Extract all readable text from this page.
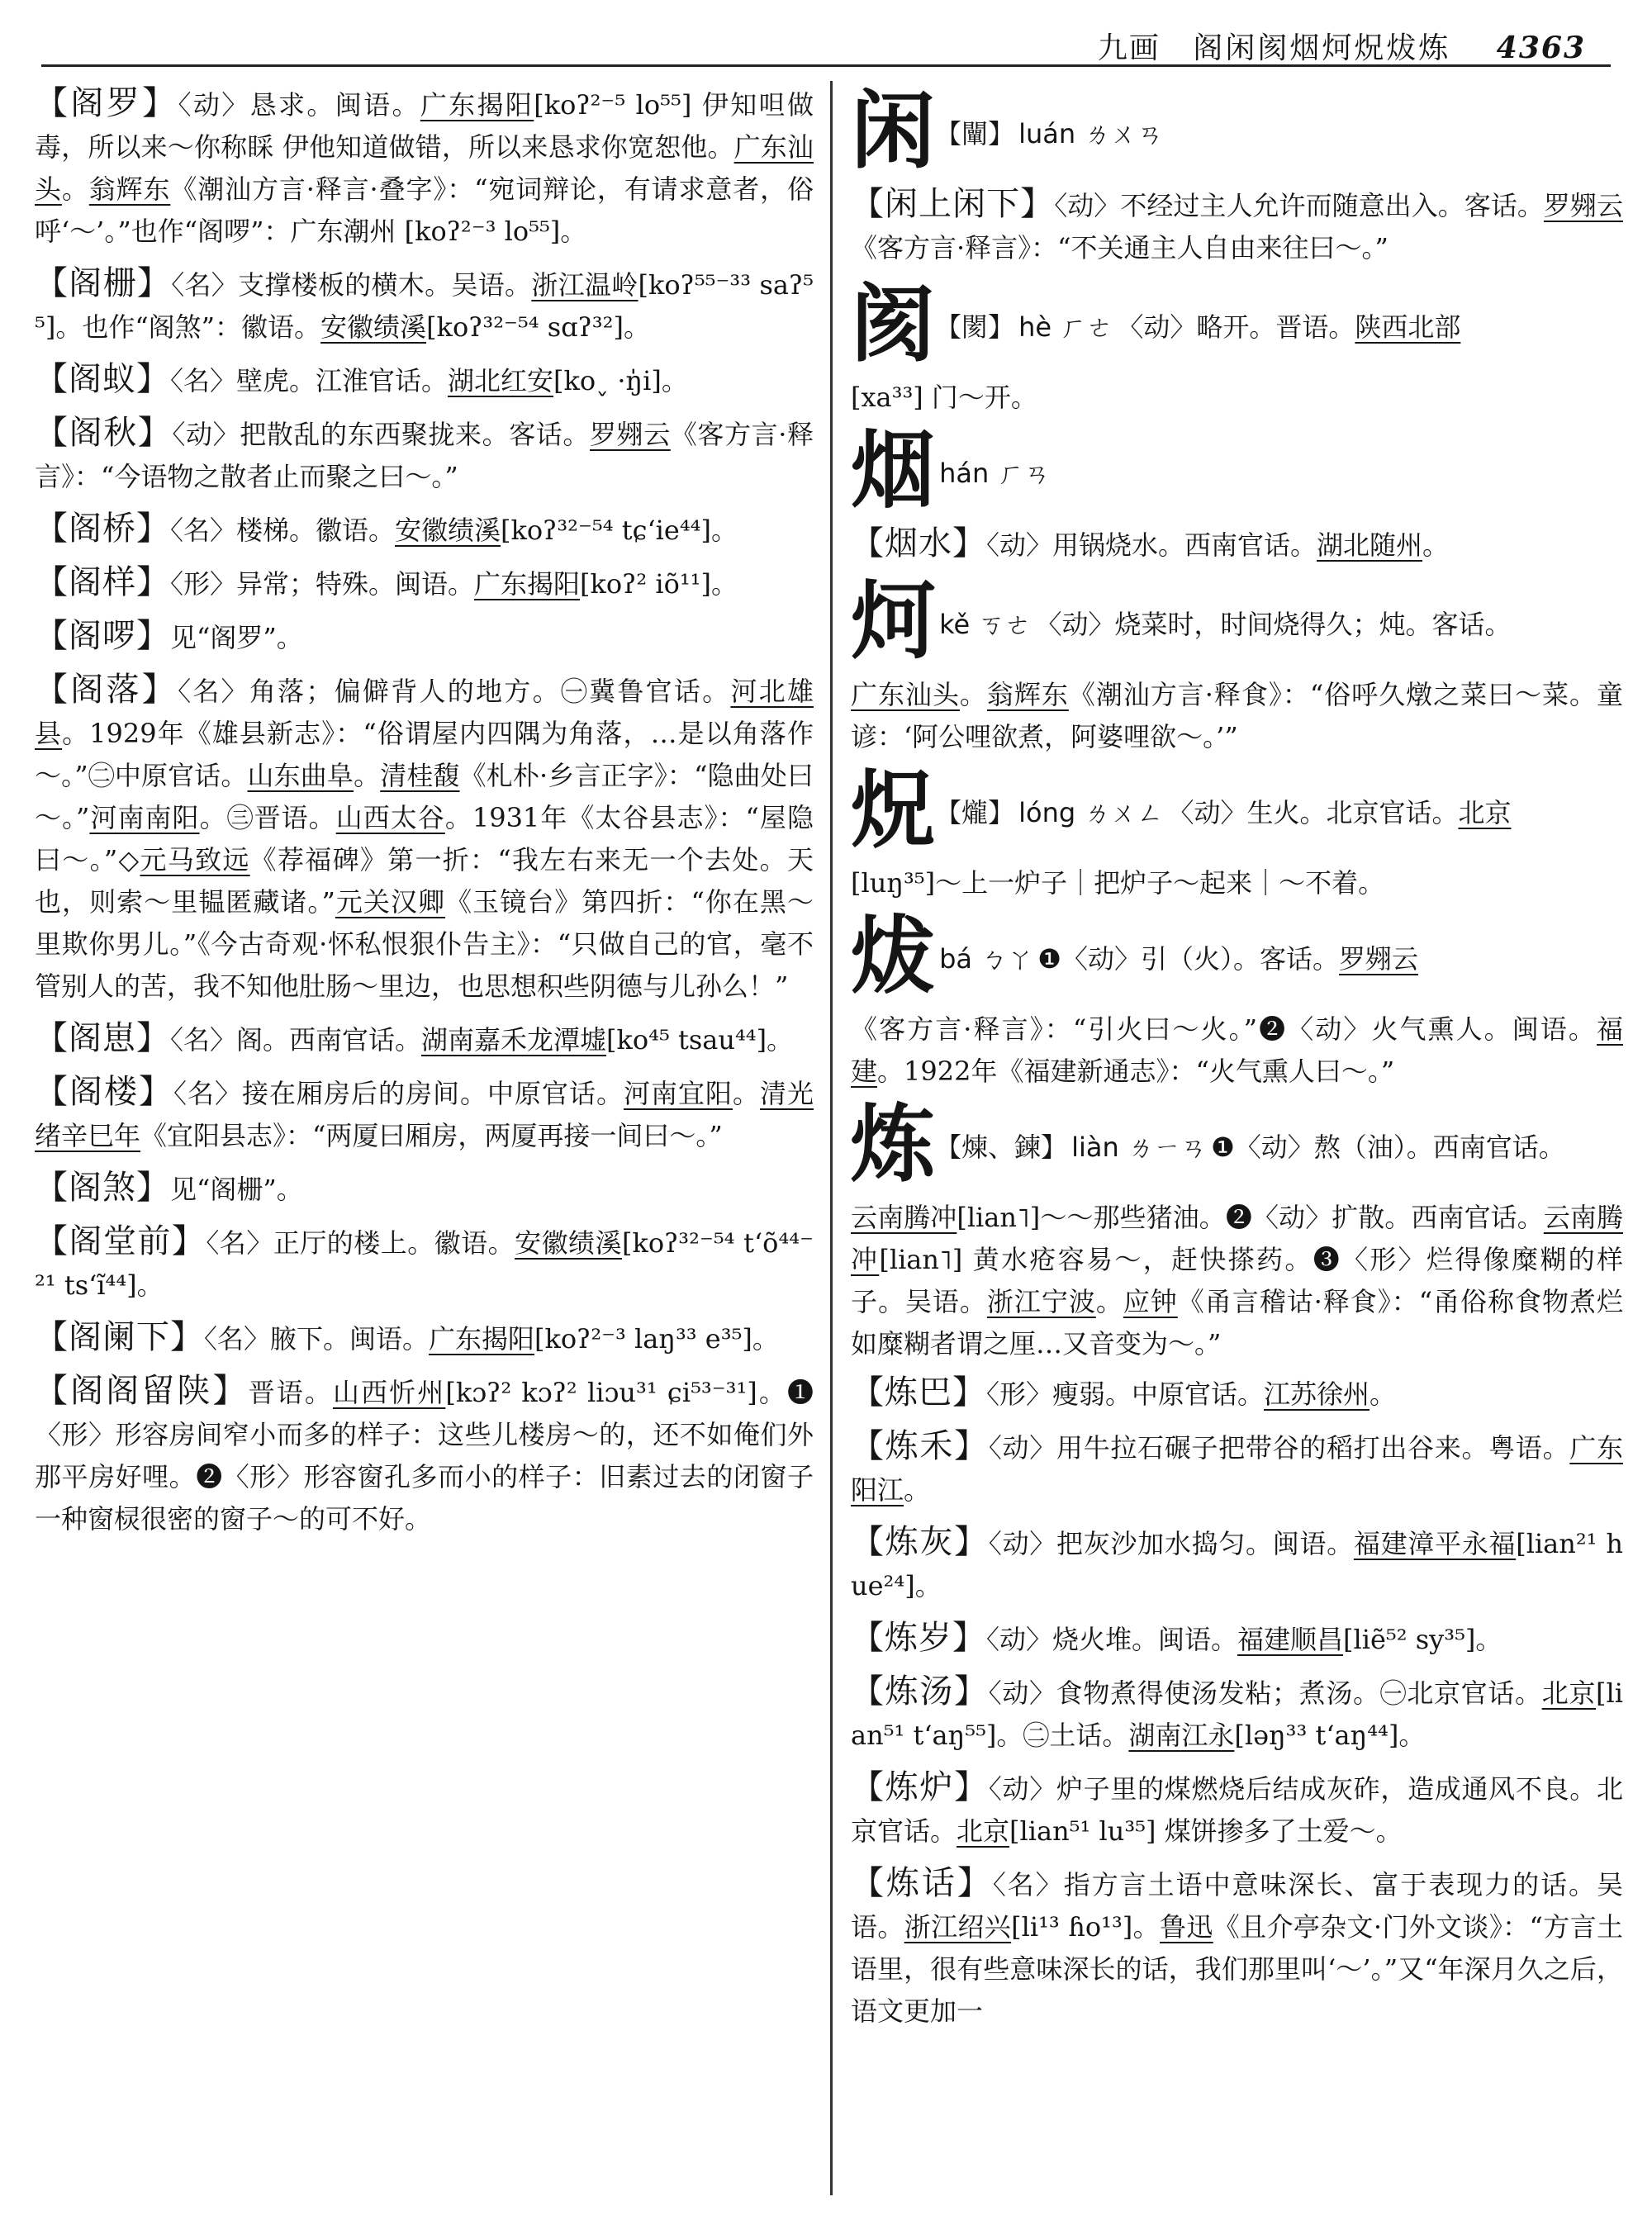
九画 阁闲阂烟炣炾炦炼 4363
【阁罗】〈动〉恳求。闽语。广东揭阳[koʔ²⁻⁵ lo⁵⁵] 伊知呾做毒，所以来～你称睬 伊他知道做错，所以来恳求你宽恕他。广东汕头。翁辉东《潮汕方言·释言·叠字》：“宛词辩论，有请求意者，俗呼‘～’。”也作“阁啰”：广东潮州 [koʔ²⁻³ lo⁵⁵]。
【阁栅】〈名〉支撑楼板的横木。吴语。浙江温岭[koʔ⁵⁵⁻³³ saʔ⁵⁵]。也作“阁煞”：徽语。安徽绩溪[koʔ³²⁻⁵⁴ sɑʔ³²]。
【阁蚁】〈名〉壁虎。江淮官话。湖北红安[ko˯ ·ŋ̍i]。
【阁秋】〈动〉把散乱的东西聚拢来。客话。罗翙云《客方言·释言》：“今语物之散者止而聚之曰～。”
【阁桥】〈名〉楼梯。徽语。安徽绩溪[koʔ³²⁻⁵⁴ tɕʻie⁴⁴]。
【阁样】〈形〉异常；特殊。闽语。广东揭阳[koʔ² iõ¹¹]。
【阁啰】见“阁罗”。
【阁落】〈名〉角落；偏僻背人的地方。㊀冀鲁官话。河北雄县。1929年《雄县新志》：“俗谓屋内四隅为角落，…是以角落作～。”㊁中原官话。山东曲阜。清桂馥《札朴·乡言正字》：“隐曲处曰～。”河南南阳。㊂晋语。山西太谷。1931年《太谷县志》：“屋隐曰～。”◇元马致远《荐福碑》第一折：“我左右来无一个去处。天也，则索～里韫匿藏诸。”元关汉卿《玉镜台》第四折：“你在黑～里欺你男儿。”《今古奇观·怀私恨狠仆告主》：“只做自己的官，毫不管别人的苦，我不知他肚肠～里边，也思想积些阴德与儿孙么！”
【阁崽】〈名〉阁。西南官话。湖南嘉禾龙潭墟[ko⁴⁵ tsau⁴⁴]。
【阁楼】〈名〉接在厢房后的房间。中原官话。河南宜阳。清光绪辛巳年《宜阳县志》：“两厦曰厢房，两厦再接一间曰～。”
【阁煞】见“阁栅”。
【阁堂前】〈名〉正厅的楼上。徽语。安徽绩溪[koʔ³²⁻⁵⁴ tʻõ⁴⁴⁻²¹ tsʻĩ⁴⁴]。
【阁阑下】〈名〉腋下。闽语。广东揭阳[koʔ²⁻³ laŋ³³ e³⁵]。
【阁阁留陕】晋语。山西忻州[kɔʔ² kɔʔ² liɔu³¹ ɕi⁵³⁻³¹]。❶〈形〉形容房间窄小而多的样子：这些儿楼房～的，还不如俺们外那平房好哩。❷〈形〉形容窗孔多而小的样子：旧素过去的闭窗子一种窗棂很密的窗子～的可不好。
闲【闡】 luán ㄌㄨㄢ
【闲上闲下】〈动〉不经过主人允许而随意出入。客话。罗翙云《客方言·释言》：“不关通主人自由来往曰～。”
阂【閡】 hè ㄏㄜ 〈动〉略开。晋语。陕西北部
[xa³³] 门～开。
烟 hán ㄏㄢ
【烟水】〈动〉用锅烧水。西南官话。湖北随州。
炣 kě ㄎㄜ 〈动〉烧菜时，时间烧得久；炖。客话。
广东汕头。翁辉东《潮汕方言·释食》：“俗呼久燉之菜曰～菜。童谚：‘阿公哩欲煮，阿婆哩欲～。’”
炾【爖】 lóng ㄌㄨㄥ 〈动〉生火。北京官话。北京
[luŋ³⁵]～上一炉子｜把炉子～起来｜～不着。
炦 bá ㄅㄚ ❶〈动〉引（火）。客话。罗翙云
《客方言·释言》：“引火曰～火。”❷〈动〉火气熏人。闽语。福建。1922年《福建新通志》：“火气熏人曰～。”
炼【煉、鍊】 liàn ㄌㄧㄢ ❶〈动〉熬（油）。西南官话。
云南腾冲[lian˥]～～那些猪油。❷〈动〉扩散。西南官话。云南腾冲[lian˥] 黄水疮容易～，赶快搽药。❸〈形〉烂得像糜糊的样子。吴语。浙江宁波。应钟《甬言稽诂·释食》：“甬俗称食物煮烂如糜糊者谓之厘…又音变为～。”
【炼巴】〈形〉瘦弱。中原官话。江苏徐州。
【炼禾】〈动〉用牛拉石碾子把带谷的稻打出谷来。粤语。广东阳江。
【炼灰】〈动〉把灰沙加水捣匀。闽语。福建漳平永福[lian²¹ hue²⁴]。
【炼岁】〈动〉烧火堆。闽语。福建顺昌[liẽ⁵² sy³⁵]。
【炼汤】〈动〉食物煮得使汤发粘；煮汤。㊀北京官话。北京[lian⁵¹ tʻaŋ⁵⁵]。㊁土话。湖南江永[ləŋ³³ tʻaŋ⁴⁴]。
【炼炉】〈动〉炉子里的煤燃烧后结成灰砟，造成通风不良。北京官话。北京[lian⁵¹ lu³⁵] 煤饼掺多了土爱～。
【炼话】〈名〉指方言土语中意味深长、富于表现力的话。吴语。浙江绍兴[li¹³ ɦo¹³]。鲁迅《且介亭杂文·门外文谈》：“方言土语里，很有些意味深长的话，我们那里叫‘～’。”又“年深月久之后，语文更加一
